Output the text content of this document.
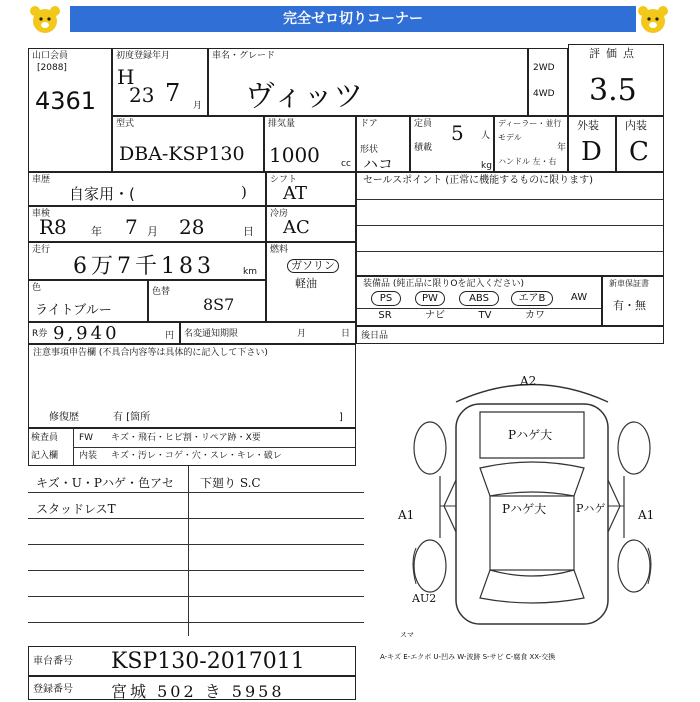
完全ゼロ切りコーナー
山口会員
[2088]
4361
初度登録年月
H
23 7 月
車名・グレード
ヴィッツ
2WD
4WD
評価点
3.5
型式
DBA-KSP130
排気量
1000 cc
ドア
形状
ハコ
定員 5 人
積載
kg
ディーラー・並行
モデル
年
ハンドル 左・右
外装
D
内装
C
車歴
自家用・(	)
シフト
AT
車検
R8 年 7 月 28	日
冷房
AC
走行
6万7千183	km
燃料
ガソリン
軽油
色
ライトブルー
色替
8S7
R券 9,940	円 名変通知期限	月	日
セールスポイント (正常に機能するものに限ります)
装備品 (純正品に限りOを記入ください)
PS	PW	ABS	エアB	AW
SR	ナビ	TV	カワ
新車保証書
有・無
後日品
注意事項申告欄 (不具合内容等は具体的に記入して下さい)
修復歴	有 [箇所	]
検査員
記入欄
FW キズ・飛石・ヒビ割・リペア跡・X要
内装 キズ・汚レ・コゲ・穴・スレ・キレ・破レ
キズ・U・Pハゲ・色アセ
スタッドレスT
下廻り S.C
A2
Pハゲ大
Pハゲ大	Pハゲ
A1	A1
AU2
スマ
A-キズ E-エクボ U-凹み W-波跡 S-サビ C-腐食 XX-交換
車台番号 KSP130-2017011
登録番号 宮城 502 き 5958
